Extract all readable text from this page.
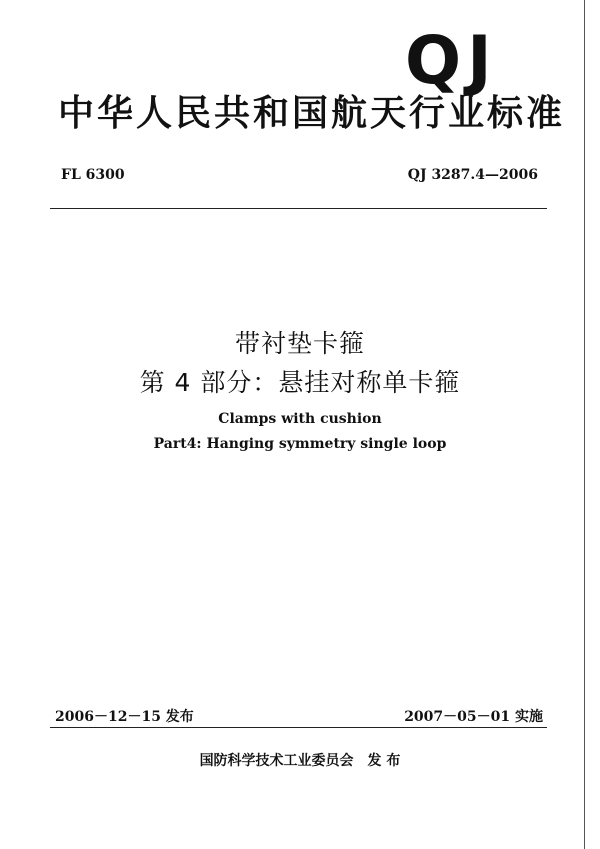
QJ
中华人民共和国航天行业标准
FL 6300	QJ 3287.4—2006
带衬垫卡箍
第 4 部分：悬挂对称单卡箍
Clamps with cushion
Part4: Hanging symmetry single loop
2006－12－15 发布	2007－05－01 实施
国防科学技术工业委员会　发 布
